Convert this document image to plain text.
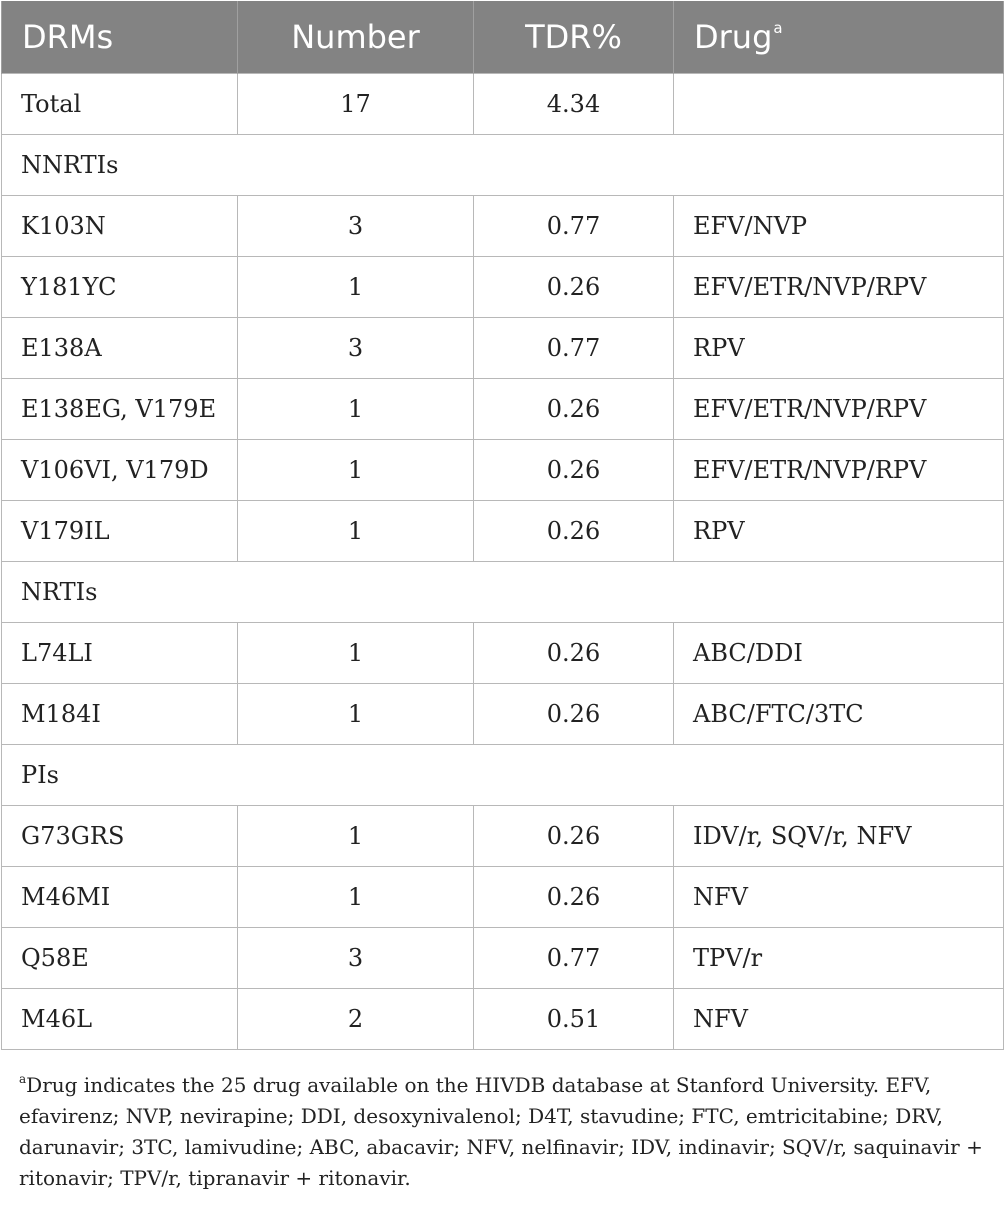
DRMs	Number	TDR%	Drug$^a$
Total	17	4.34	
NNRTIs			
K103N	3	0.77	EFV/NVP
Y181YC	1	0.26	EFV/ETR/NVP/RPV
E138A	3	0.77	RPV
E138EG, V179E	1	0.26	EFV/ETR/NVP/RPV
V106VI, V179D	1	0.26	EFV/ETR/NVP/RPV
V179IL	1	0.26	RPV
NRTIs			
L74LI	1	0.26	ABC/DDI
M184I	1	0.26	ABC/FTC/3TC
PIs			
G73GRS	1	0.26	IDV/r, SQV/r, NFV
M46MI	1	0.26	NFV
Q58E	3	0.77	TPV/r
M46L	2	0.51	NFV
$^a$Drug indicates the 25 drug available on the HIVDB database at Stanford University. EFV, efavirenz; NVP, nevirapine; DDI, desoxynivalenol; D4T, stavudine; FTC, emtricitabine; DRV, darunavir; 3TC, lamivudine; ABC, abacavir; NFV, nelfinavir; IDV, indinavir; SQV/r, saquinavir + ritonavir; TPV/r, tipranavir + ritonavir.
